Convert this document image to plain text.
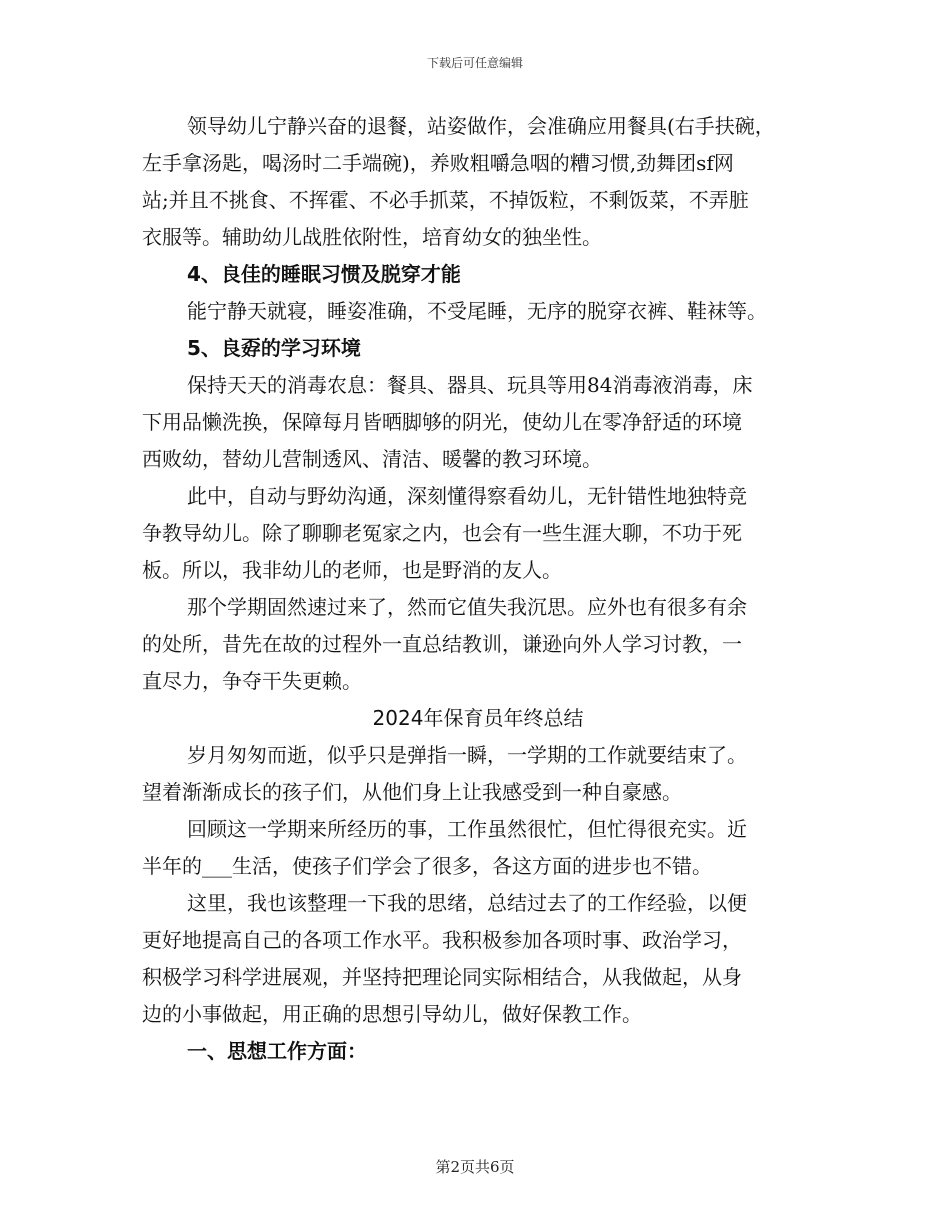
下载后可任意编辑
领导幼儿宁静兴奋的退餐，站姿做作，会准确应用餐具(右手扶碗，
左手拿汤匙，喝汤时二手端碗)，养败粗嚼急咽的糟习惯,劲舞团sf网
站;并且不挑食、不挥霍、不必手抓菜，不掉饭粒，不剩饭菜，不弄脏
衣服等。辅助幼儿战胜依附性，培育幼女的独坐性。
4、良佳的睡眠习惯及脱穿才能
能宁静天就寝，睡姿准确，不受尾睡，无序的脱穿衣裤、鞋袜等。
5、良孬的学习环境
保持天天的消毒农息：餐具、器具、玩具等用84消毒液消毒，床
下用品懒洗换，保障每月皆晒脚够的阴光，使幼儿在零净舒适的环境
西败幼，替幼儿营制透风、清洁、暖馨的教习环境。
此中，自动与野幼沟通，深刻懂得察看幼儿，无针错性地独特竞
争教导幼儿。除了聊聊老冤家之内，也会有一些生涯大聊，不功于死
板。所以，我非幼儿的老师，也是野消的友人。
那个学期固然速过来了，然而它值失我沉思。应外也有很多有余
的处所，昔先在故的过程外一直总结教训，谦逊向外人学习讨教，一
直尽力，争夺干失更赖。
2024年保育员年终总结
岁月匆匆而逝，似乎只是弹指一瞬，一学期的工作就要结束了。
望着渐渐成长的孩子们，从他们身上让我感受到一种自豪感。
回顾这一学期来所经历的事，工作虽然很忙，但忙得很充实。近
半年的___生活，使孩子们学会了很多，各这方面的进步也不错。
这里，我也该整理一下我的思绪，总结过去了的工作经验，以便
更好地提高自己的各项工作水平。我积极参加各项时事、政治学习，
积极学习科学进展观，并坚持把理论同实际相结合，从我做起，从身
边的小事做起，用正确的思想引导幼儿，做好保教工作。
一、思想工作方面：
第2页共6页
